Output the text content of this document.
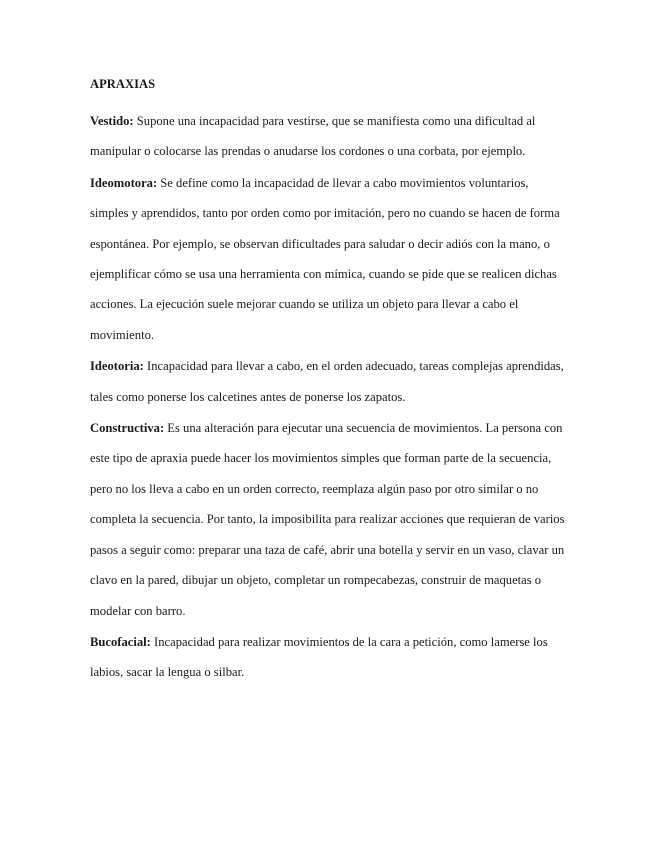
APRAXIAS

Vestido: Supone una incapacidad para vestirse, que se manifiesta como una dificultad al manipular o colocarse las prendas o anudarse los cordones o una corbata, por ejemplo.

Ideomotora: Se define como la incapacidad de llevar a cabo movimientos voluntarios, simples y aprendidos, tanto por orden como por imitación, pero no cuando se hacen de forma espontánea. Por ejemplo, se observan dificultades para saludar o decir adiós con la mano, o ejemplificar cómo se usa una herramienta con mímica, cuando se pide que se realicen dichas acciones. La ejecución suele mejorar cuando se utiliza un objeto para llevar a cabo el movimiento.

Ideotoria: Incapacidad para llevar a cabo, en el orden adecuado, tareas complejas aprendidas, tales como ponerse los calcetines antes de ponerse los zapatos.

Constructiva: Es una alteración para ejecutar una secuencia de movimientos. La persona con este tipo de apraxia puede hacer los movimientos simples que forman parte de la secuencia, pero no los lleva a cabo en un orden correcto, reemplaza algún paso por otro similar o no completa la secuencia. Por tanto, la imposibilita para realizar acciones que requieran de varios pasos a seguir como: preparar una taza de café, abrir una botella y servir en un vaso, clavar un clavo en la pared, dibujar un objeto, completar un rompecabezas, construir de maquetas o modelar con barro.

Bucofacial: Incapacidad para realizar movimientos de la cara a petición, como lamerse los labios, sacar la lengua o silbar.
